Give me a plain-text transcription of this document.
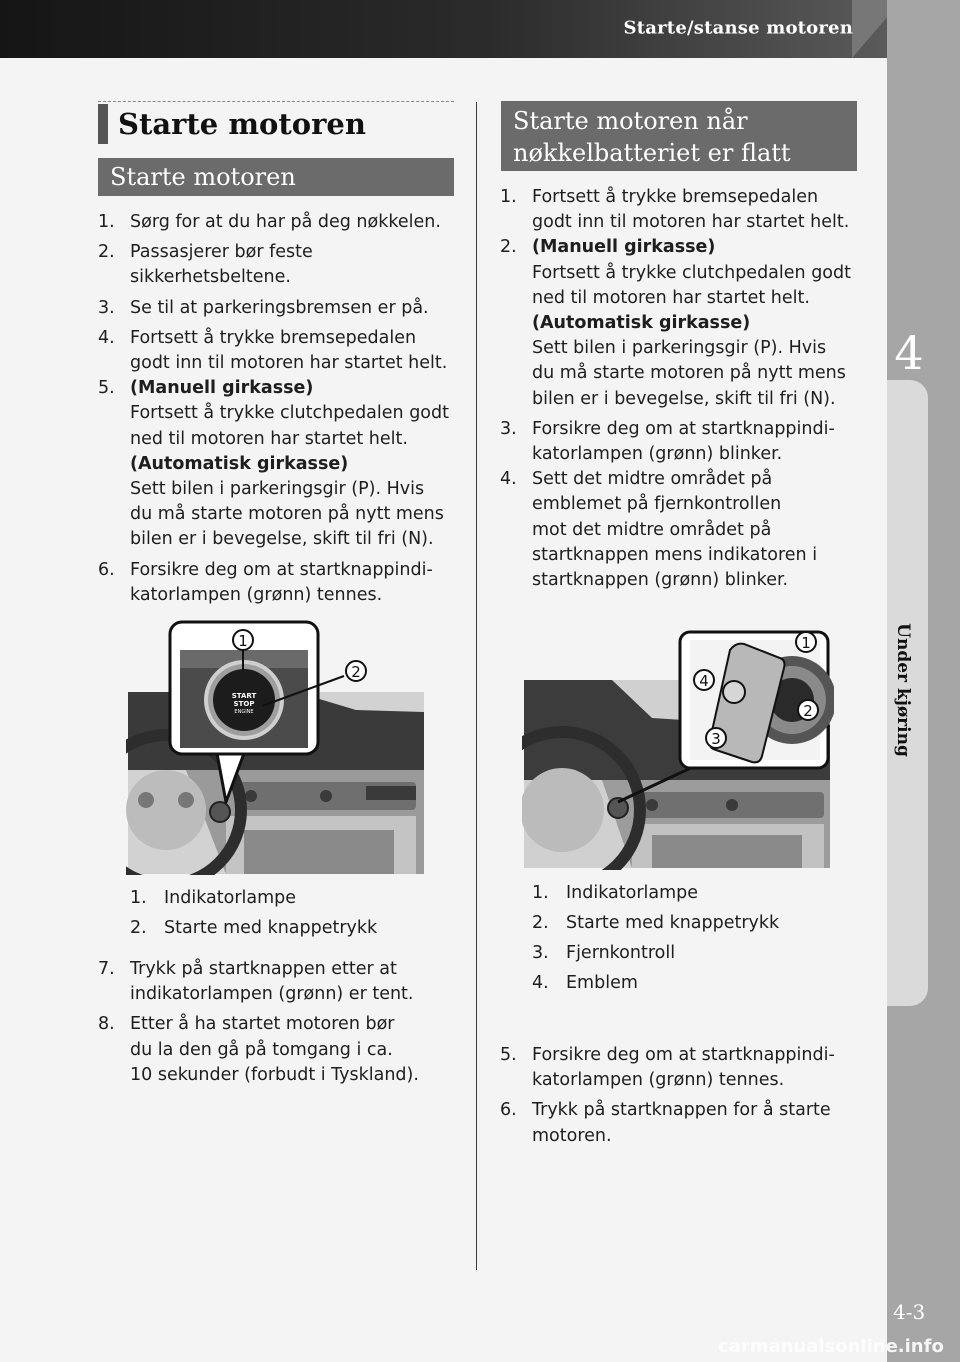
Starte/stanse motoren
4
Under kjøring
4-3
carmanualsonline.info
Starte motoren
Starte motoren
1. Sørg for at du har på deg nøkkelen.
2. Passasjerer bør feste
sikkerhetsbeltene.
3. Se til at parkeringsbremsen er på.
4. Fortsett å trykke bremsepedalen
godt inn til motoren har startet helt.
5. (Manuell girkasse)
Fortsett å trykke clutchpedalen godt
ned til motoren har startet helt.
(Automatisk girkasse)
Sett bilen i parkeringsgir (P). Hvis
du må starte motoren på nytt mens
bilen er i bevegelse, skift til fri (N).
6. Forsikre deg om at startknappindi-
katorlampen (grønn) tennes.
START
STOP
ENGINE
1
2
1. Indikatorlampe
2. Starte med knappetrykk
7. Trykk på startknappen etter at
indikatorlampen (grønn) er tent.
8. Etter å ha startet motoren bør
du la den gå på tomgang i ca.
10 sekunder (forbudt i Tyskland).
Starte motoren når
nøkkelbatteriet er flatt
1. Fortsett å trykke bremsepedalen
godt inn til motoren har startet helt.
2. (Manuell girkasse)
Fortsett å trykke clutchpedalen godt
ned til motoren har startet helt.
(Automatisk girkasse)
Sett bilen i parkeringsgir (P). Hvis
du må starte motoren på nytt mens
bilen er i bevegelse, skift til fri (N).
3. Forsikre deg om at startknappindi-
katorlampen (grønn) blinker.
4. Sett det midtre området på
emblemet på fjernkontrollen
mot det midtre området på
startknappen mens indikatoren i
startknappen (grønn) blinker.
1
2
3
4
1. Indikatorlampe
2. Starte med knappetrykk
3. Fjernkontroll
4. Emblem
5. Forsikre deg om at startknappindi-
katorlampen (grønn) tennes.
6. Trykk på startknappen for å starte
motoren.
